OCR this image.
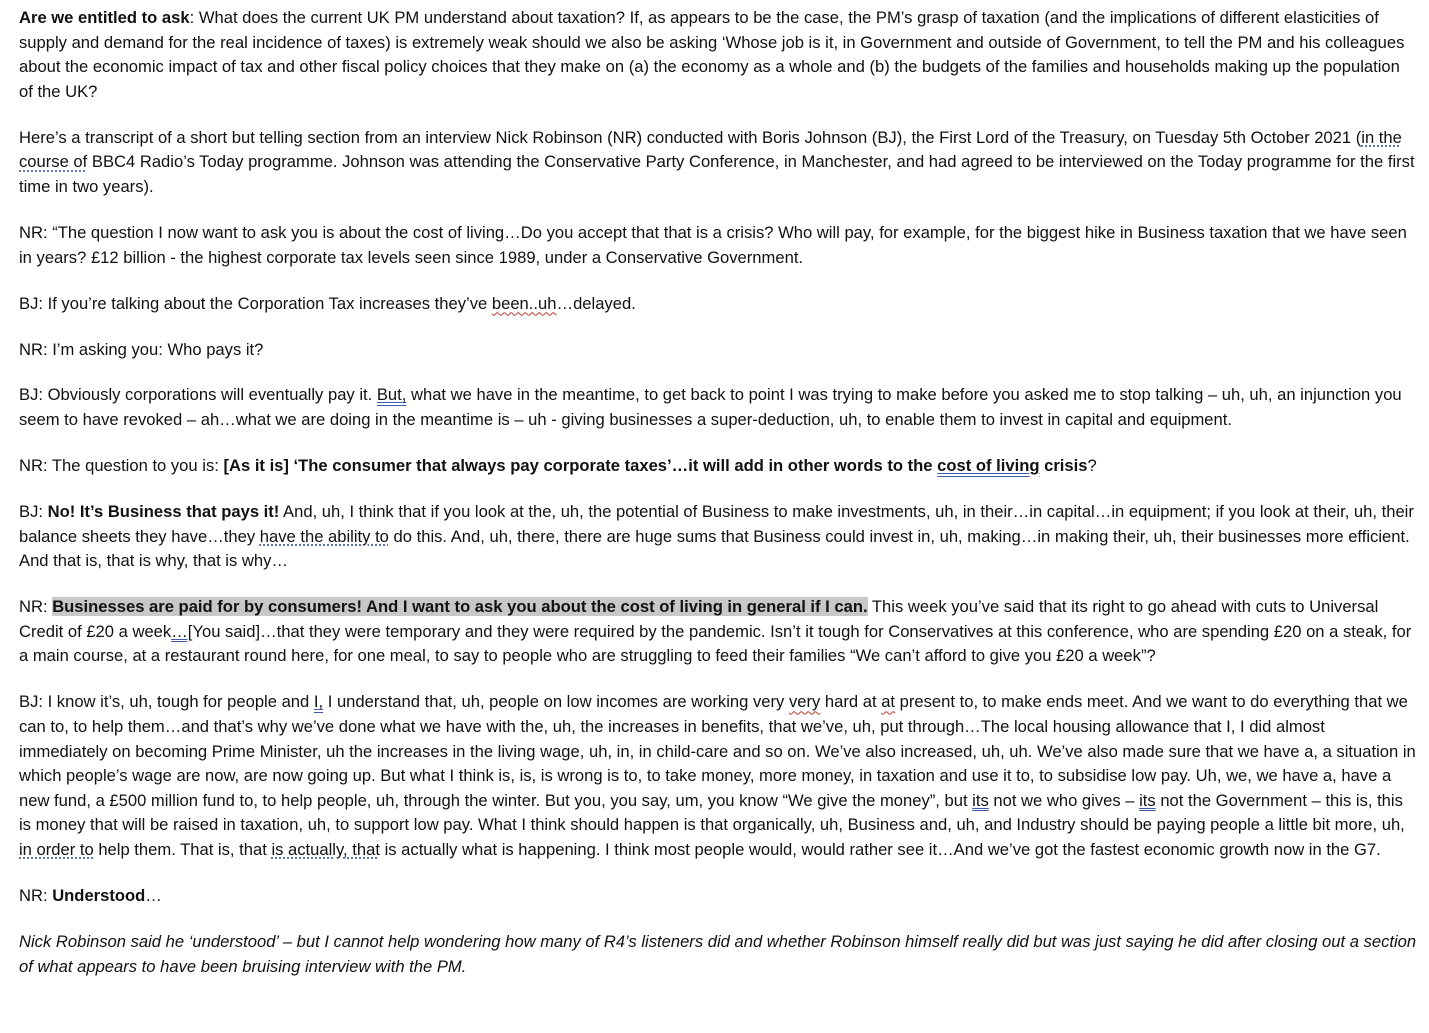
Are we entitled to ask: What does the current UK PM understand about taxation? If, as appears to be the case, the PM’s grasp of taxation (and the implications of different elasticities of supply and demand for the real incidence of taxes) is extremely weak should we also be asking ‘Whose job is it, in Government and outside of Government, to tell the PM and his colleagues about the economic impact of tax and other fiscal policy choices that they make on (a) the economy as a whole and (b) the budgets of the families and households making up the population of the UK?

Here’s a transcript of a short but telling section from an interview Nick Robinson (NR) conducted with Boris Johnson (BJ), the First Lord of the Treasury, on Tuesday 5th October 2021 (in the course of BBC4 Radio’s Today programme. Johnson was attending the Conservative Party Conference, in Manchester, and had agreed to be interviewed on the Today programme for the first time in two years).

NR: “The question I now want to ask you is about the cost of living…Do you accept that that is a crisis? Who will pay, for example, for the biggest hike in Business taxation that we have seen in years? £12 billion - the highest corporate tax levels seen since 1989, under a Conservative Government.

BJ: If you’re talking about the Corporation Tax increases they’ve been..uh…delayed.

NR: I’m asking you: Who pays it?

BJ: Obviously corporations will eventually pay it. But, what we have in the meantime, to get back to point I was trying to make before you asked me to stop talking – uh, uh, an injunction you seem to have revoked – ah…what we are doing in the meantime is – uh - giving businesses a super-deduction, uh, to enable them to invest in capital and equipment.

NR: The question to you is: [As it is] ‘The consumer that always pay corporate taxes’…it will add in other words to the cost of living crisis?

BJ: No! It’s Business that pays it! And, uh, I think that if you look at the, uh, the potential of Business to make investments, uh, in their…in capital…in equipment; if you look at their, uh, their balance sheets they have…they have the ability to do this. And, uh, there, there are huge sums that Business could invest in, uh, making…in making their, uh, their businesses more efficient. And that is, that is why, that is why…

NR: Businesses are paid for by consumers! And I want to ask you about the cost of living in general if I can. This week you’ve said that its right to go ahead with cuts to Universal Credit of £20 a week…[You said]…that they were temporary and they were required by the pandemic. Isn’t it tough for Conservatives at this conference, who are spending £20 on a steak, for a main course, at a restaurant round here, for one meal, to say to people who are struggling to feed their families “We can’t afford to give you £20 a week”?

BJ: I know it’s, uh, tough for people and I, I understand that, uh, people on low incomes are working very very hard at at present to, to make ends meet. And we want to do everything that we can to, to help them…and that’s why we’ve done what we have with the, uh, the increases in benefits, that we’ve, uh, put through…The local housing allowance that I, I did almost immediately on becoming Prime Minister, uh the increases in the living wage, uh, in, in child-care and so on. We’ve also increased, uh, uh. We’ve also made sure that we have a, a situation in which people’s wage are now, are now going up. But what I think is, is, is wrong is to, to take money, more money, in taxation and use it to, to subsidise low pay. Uh, we, we have a, have a new fund, a £500 million fund to, to help people, uh, through the winter. But you, you say, um, you know “We give the money”, but its not we who gives – its not the Government – this is, this is money that will be raised in taxation, uh, to support low pay. What I think should happen is that organically, uh, Business and, uh, and Industry should be paying people a little bit more, uh, in order to help them. That is, that is actually, that is actually what is happening. I think most people would, would rather see it…And we’ve got the fastest economic growth now in the G7.

NR: Understood…

Nick Robinson said he ‘understood’ – but I cannot help wondering how many of R4’s listeners did and whether Robinson himself really did but was just saying he did after closing out a section of what appears to have been bruising interview with the PM.
